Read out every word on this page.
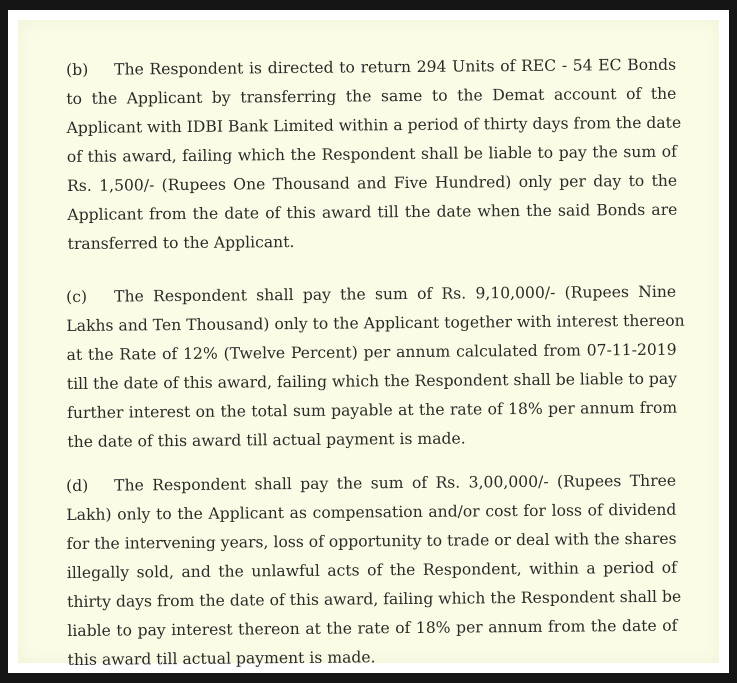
(b) The Respondent is directed to return 294 Units of REC - 54 EC Bonds
to the Applicant by transferring the same to the Demat account of the
Applicant with IDBI Bank Limited within a period of thirty days from the date
of this award, failing which the Respondent shall be liable to pay the sum of
Rs. 1,500/- (Rupees One Thousand and Five Hundred) only per day to the
Applicant from the date of this award till the date when the said Bonds are
transferred to the Applicant.
(c) The Respondent shall pay the sum of Rs. 9,10,000/- (Rupees Nine
Lakhs and Ten Thousand) only to the Applicant together with interest thereon
at the Rate of 12% (Twelve Percent) per annum calculated from 07-11-2019
till the date of this award, failing which the Respondent shall be liable to pay
further interest on the total sum payable at the rate of 18% per annum from
the date of this award till actual payment is made.
(d) The Respondent shall pay the sum of Rs. 3,00,000/- (Rupees Three
Lakh) only to the Applicant as compensation and/or cost for loss of dividend
for the intervening years, loss of opportunity to trade or deal with the shares
illegally sold, and the unlawful acts of the Respondent, within a period of
thirty days from the date of this award, failing which the Respondent shall be
liable to pay interest thereon at the rate of 18% per annum from the date of
this award till actual payment is made.
